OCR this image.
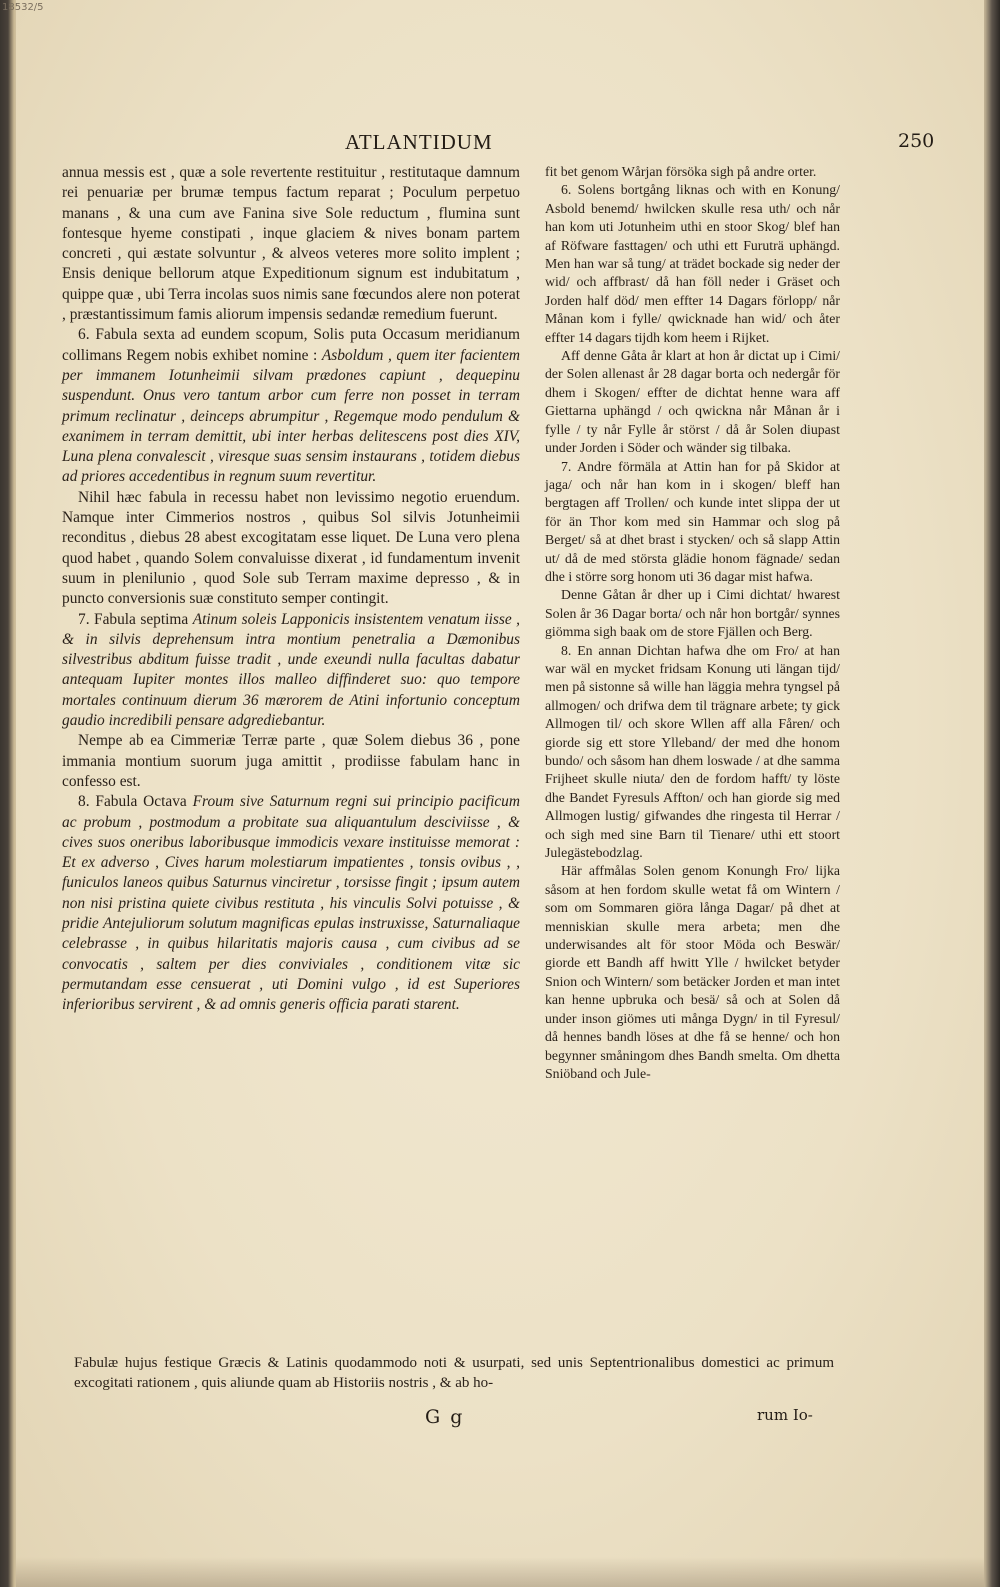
18532/5
ATLANTIDUM	250

annua messis est , quæ a sole revertente restituitur , restitutaque damnum rei penuariæ per brumæ tempus factum reparat ; Poculum perpetuo manans , & una cum ave Fanina sive Sole reductum , flumina sunt fontesque hyeme constipati , inque glaciem & nives bonam partem concreti , qui æstate solvuntur , & alveos veteres more solito implent ; Ensis denique bellorum atque Expeditionum signum est indubitatum , quippe quæ , ubi Terra incolas suos nimis sane fœcundos alere non poterat , præstantissimum famis aliorum impensis sedandæ remedium fuerunt.

6. Fabula sexta ad eundem scopum, Solis puta Occasum meridianum collimans Regem nobis exhibet nomine : Asboldum , quem iter facientem per immanem Iotunheimii silvam prædones capiunt , dequepinu suspendunt. Onus vero tantum arbor cum ferre non posset in terram primum reclinatur , deinceps abrumpitur , Regemque modo pendulum & exanimem in terram demittit, ubi inter herbas delitescens post dies XIV, Luna plena convalescit , viresque suas sensim instaurans , totidem diebus ad priores accedentibus in regnum suum revertitur.

Nihil hæc fabula in recessu habet non levissimo negotio eruendum. Namque inter Cimmerios nostros , quibus Sol silvis Jotunheimii reconditus , diebus 28 abest excogitatam esse liquet. De Luna vero plena quod habet , quando Solem convaluisse dixerat , id fundamentum invenit suum in plenilunio , quod Sole sub Terram maxime depresso , & in puncto conversionis suæ constituto semper contingit.

7. Fabula septima Atinum soleis Lapponicis insistentem venatum iisse , & in silvis deprehensum intra montium penetralia a Dæmonibus silvestribus abditum fuisse tradit , unde exeundi nulla facultas dabatur antequam Iupiter montes illos malleo diffinderet suo: quo tempore mortales continuum dierum 36 mærorem de Atini infortunio conceptum gaudio incredibili pensare adgrediebantur.

Nempe ab ea Cimmeriæ Terræ parte , quæ Solem diebus 36 , pone immania montium suorum juga amittit , prodiisse fabulam hanc in confesso est.

8. Fabula Octava Froum sive Saturnum regni sui principio pacificum ac probum , postmodum a probitate sua aliquantulum desciviisse , & cives suos oneribus laboribusque immodicis vexare instituisse memorat : Et ex adverso , Cives harum molestiarum impatientes , tonsis ovibus , , funiculos laneos quibus Saturnus vinciretur , torsisse fingit ; ipsum autem non nisi pristina quiete civibus restituta , his vinculis Solvi potuisse , & pridie Antejuliorum solutum magnificas epulas instruxisse, Saturnaliaque celebrasse , in quibus hilaritatis majoris causa , cum civibus ad se convocatis , saltem per dies conviviales , conditionem vitæ sic permutandam esse censuerat , uti Domini vulgo , id est Superiores inferioribus servirent , & ad omnis generis officia parati starent.

fit bet genom Wårjan försöka sigh på andre orter.

6. Solens bortgång liknas och with en Konung/ Asbold benemd/ hwilcken skulle resa uth/ och når han kom uti Jotunheim uthi en stoor Skog/ blef han af Röfware fasttagen/ och uthi ett Furuträ uphängd. Men han war så tung/ at trädet bockade sig neder der wid/ och affbrast/ då han föll neder i Gräset och Jorden half död/ men effter 14 Dagars förlopp/ når Månan kom i fylle/ qwicknade han wid/ och åter effter 14 dagars tijdh kom heem i Rijket.

Aff denne Gåta år klart at hon år dictat up i Cimi/ der Solen allenast år 28 dagar borta och nedergår för dhem i Skogen/ effter de dichtat henne wara aff Giettarna uphängd / och qwickna når Månan år i fylle / ty når Fylle år störst / då år Solen diupast under Jorden i Söder och wänder sig tilbaka.

7. Andre förmäla at Attin han for på Skidor at jaga/ och når han kom in i skogen/ bleff han bergtagen aff Trollen/ och kunde intet slippa der ut för än Thor kom med sin Hammar och slog på Berget/ så at dhet brast i stycken/ och så slapp Attin ut/ då de med största glädie honom fägnade/ sedan dhe i större sorg honom uti 36 dagar mist hafwa.

Denne Gåtan år dher up i Cimi dichtat/ hwarest Solen år 36 Dagar borta/ och når hon bortgår/ synnes giömma sigh baak om de store Fjällen och Berg.

8. En annan Dichtan hafwa dhe om Fro/ at han war wäl en mycket fridsam Konung uti längan tijd/ men på sistonne så wille han läggia mehra tyngsel på allmogen/ och drifwa dem til trägnare arbete; ty gick Allmogen til/ och skore Wllen aff alla Fåren/ och giorde sig ett store Ylleband/ der med dhe honom bundo/ och såsom han dhem loswade / at dhe samma Frijheet skulle niuta/ den de fordom hafft/ ty löste dhe Bandet Fyresuls Affton/ och han giorde sig med Allmogen lustig/ gifwandes dhe ringesta til Herrar / och sigh med sine Barn til Tienare/ uthi ett stoort Julegästebodzlag.

Här affmålas Solen genom Konungh Fro/ lijka såsom at hen fordom skulle wetat få om Wintern / som om Sommaren giöra långa Dagar/ på dhet at menniskian skulle mera arbeta; men dhe underwisandes alt för stoor Möda och Beswär/ giorde ett Bandh aff hwitt Ylle / hwilcket betyder Snion och Wintern/ som betäcker Jorden et man intet kan henne upbruka och besä/ så och at Solen då under inson giömes uti många Dygn/ in til Fyresul/ då hennes bandh löses at dhe få se henne/ och hon begynner småningom dhes Bandh smelta. Om dhetta Sniöband och Jule-

Fabulæ hujus festique Græcis & Latinis quodammodo noti & usurpati, sed unis Septentrionalibus domestici ac primum excogitati rationem , quis aliunde quam ab Historiis nostris , & ab ho-
G g	rum Io-
